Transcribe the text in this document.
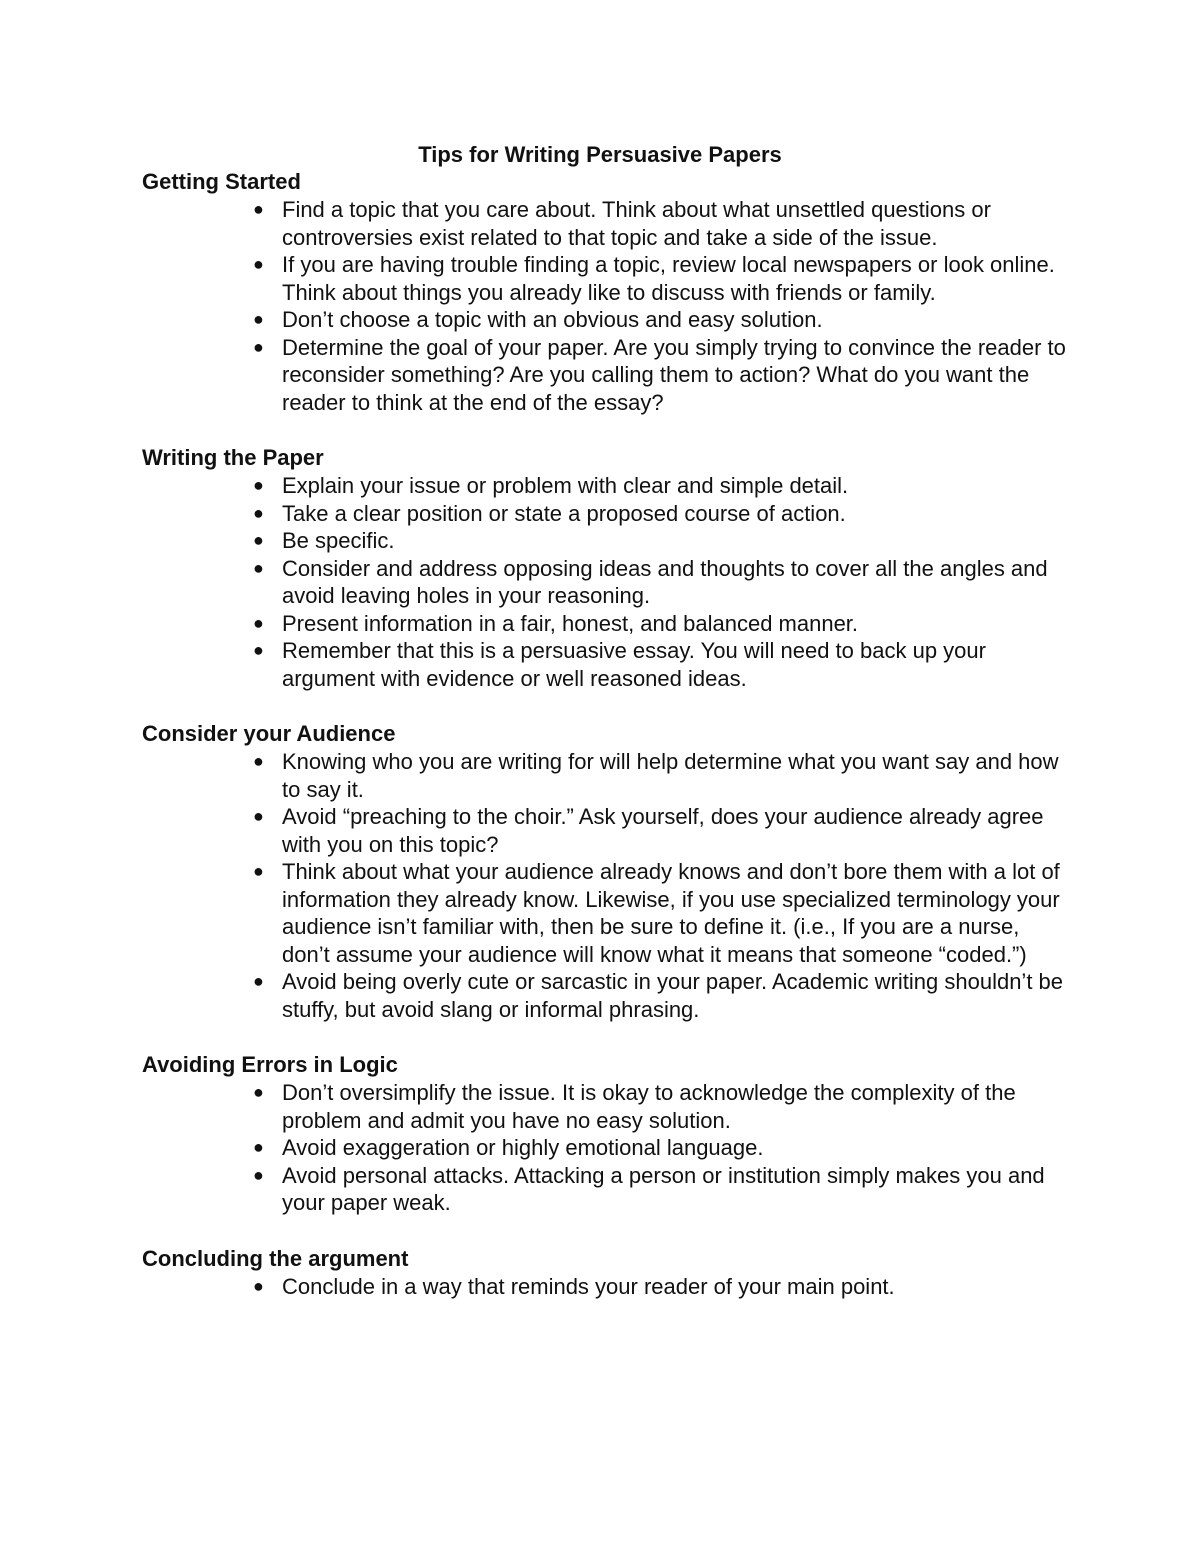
Tips for Writing Persuasive Papers

Getting Started

● Find a topic that you care about. Think about what unsettled questions or controversies exist related to that topic and take a side of the issue.
● If you are having trouble finding a topic, review local newspapers or look online. Think about things you already like to discuss with friends or family.
● Don’t choose a topic with an obvious and easy solution.
● Determine the goal of your paper. Are you simply trying to convince the reader to reconsider something? Are you calling them to action? What do you want the reader to think at the end of the essay?

Writing the Paper

● Explain your issue or problem with clear and simple detail.
● Take a clear position or state a proposed course of action.
● Be specific.
● Consider and address opposing ideas and thoughts to cover all the angles and avoid leaving holes in your reasoning.
● Present information in a fair, honest, and balanced manner.
● Remember that this is a persuasive essay. You will need to back up your argument with evidence or well reasoned ideas.

Consider your Audience

● Knowing who you are writing for will help determine what you want say and how to say it.
● Avoid “preaching to the choir.” Ask yourself, does your audience already agree with you on this topic?
● Think about what your audience already knows and don’t bore them with a lot of information they already know. Likewise, if you use specialized terminology your audience isn’t familiar with, then be sure to define it. (i.e., If you are a nurse, don’t assume your audience will know what it means that someone “coded.”)
● Avoid being overly cute or sarcastic in your paper. Academic writing shouldn’t be stuffy, but avoid slang or informal phrasing.

Avoiding Errors in Logic

● Don’t oversimplify the issue. It is okay to acknowledge the complexity of the problem and admit you have no easy solution.
● Avoid exaggeration or highly emotional language.
● Avoid personal attacks. Attacking a person or institution simply makes you and your paper weak.

Concluding the argument

● Conclude in a way that reminds your reader of your main point.
